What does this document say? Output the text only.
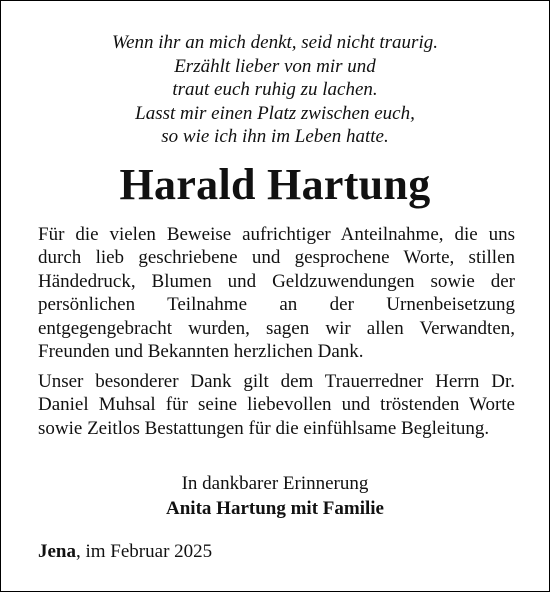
Wenn ihr an mich denkt, seid nicht traurig.
Erzählt lieber von mir und
traut euch ruhig zu lachen.
Lasst mir einen Platz zwischen euch,
so wie ich ihn im Leben hatte.
Harald Hartung
Für die vielen Beweise aufrichtiger Anteilnahme, die uns durch lieb geschriebene und gesprochene Worte, stillen Händedruck, Blumen und Geldzuwendungen sowie der persönlichen Teilnahme an der Urnenbeisetzung entgegengebracht wurden, sagen wir allen Verwandten, Freunden und Bekannten herzlichen Dank.
Unser besonderer Dank gilt dem Trauerredner Herrn Dr. Daniel Muhsal für seine liebevollen und tröstenden Worte sowie Zeitlos Bestattungen für die einfühlsame Begleitung.
In dankbarer Erinnerung
Anita Hartung mit Familie
Jena, im Februar 2025
